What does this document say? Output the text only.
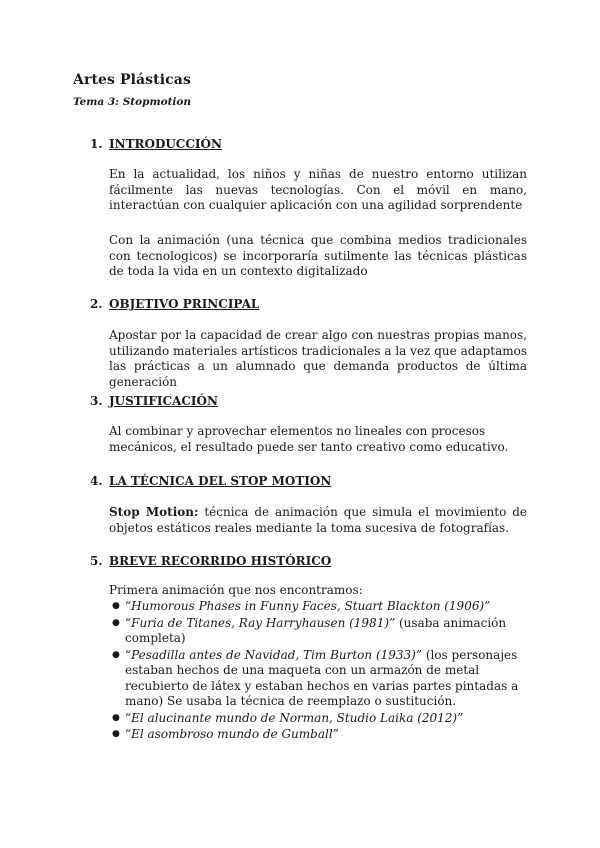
Artes Plásticas
Tema 3: Stopmotion
1. INTRODUCCIÓN
En la actualidad, los niños y niñas de nuestro entorno utilizan fácilmente las nuevas tecnologías. Con el móvil en mano, interactúan con cualquier aplicación con una agilidad sorprendente
Con la animación (una técnica que combina medios tradicionales con tecnologicos) se incorporaría sutilmente las técnicas plásticas de toda la vida en un contexto digitalizado
2. OBJETIVO PRINCIPAL
Apostar por la capacidad de crear algo con nuestras propias manos, utilizando materiales artísticos tradicionales a la vez que adaptamos las prácticas a un alumnado que demanda productos de última generación
3. JUSTIFICACIÓN
Al combinar y aprovechar elementos no lineales con procesos mecánicos, el resultado puede ser tanto creativo como educativo.
4. LA TÉCNICA DEL STOP MOTION
Stop Motion: técnica de animación que simula el movimiento de objetos estáticos reales mediante la toma sucesiva de fotografías.
5. BREVE RECORRIDO HISTÓRICO
Primera animación que nos encontramos:
● “Humorous Phases in Funny Faces, Stuart Blackton (1906)”
● “Furia de Titanes, Ray Harryhausen (1981)” (usaba animación completa)
● “Pesadilla antes de Navidad, Tim Burton (1933)” (los personajes estaban hechos de una maqueta con un armazón de metal recubierto de látex y estaban hechos en varias partes pintadas a mano) Se usaba la técnica de reemplazo o sustitución.
● “El alucinante mundo de Norman, Studio Laika (2012)”
● “El asombroso mundo de Gumball”
